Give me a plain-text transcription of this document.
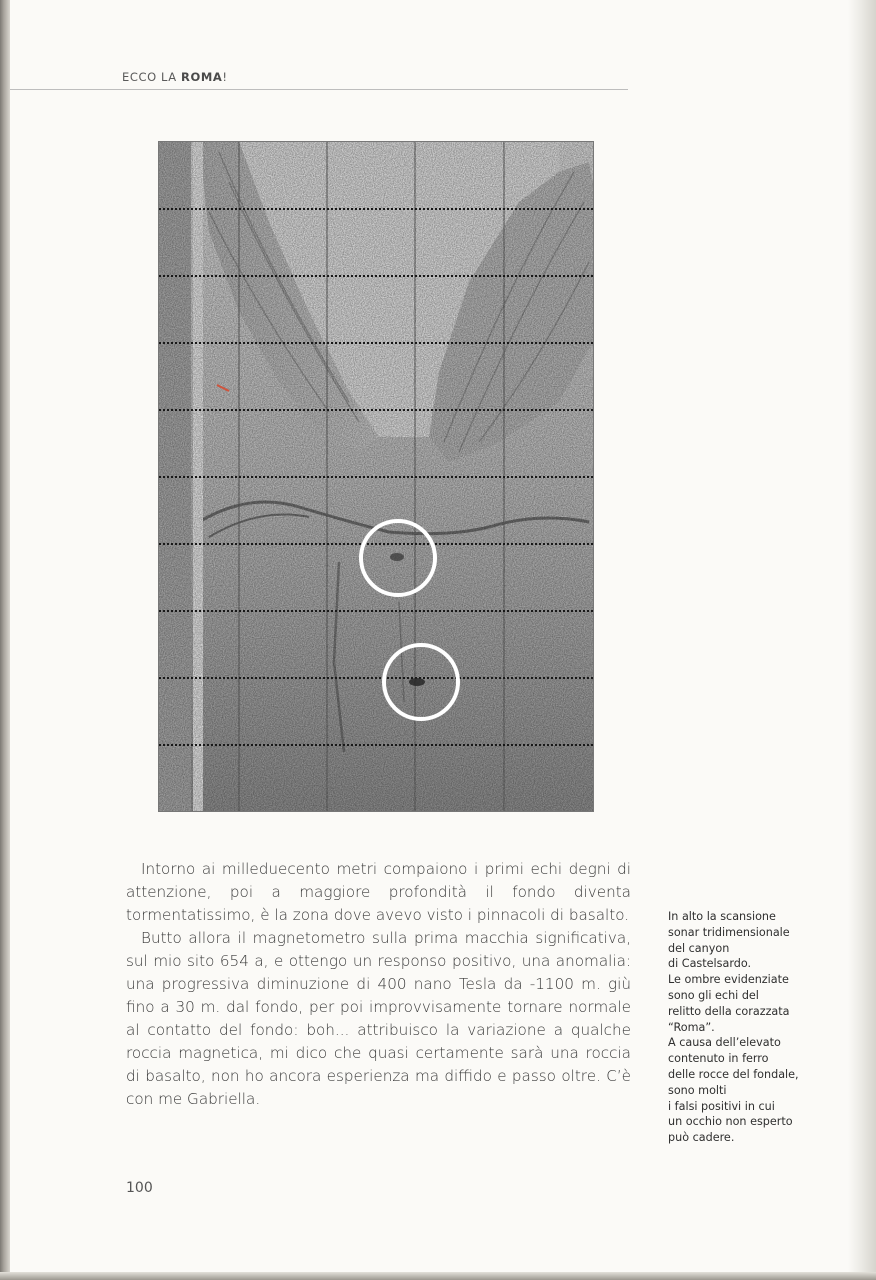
ECCO LA ROMA!

Intorno ai milleduecento metri compaiono i primi echi degni di attenzione, poi a maggiore profondità il fondo diventa tormentatissimo, è la zona dove avevo visto i pinnacoli di basalto.

Butto allora il magnetometro sulla prima macchia significativa, sul mio sito 654 a, e ottengo un responso positivo, una anomalia: una progressiva diminuzione di 400 nano Tesla da -1100 m. giù fino a 30 m. dal fondo, per poi improvvisamente tornare normale al contatto del fondo: boh... attribuisco la variazione a qualche roccia magnetica, mi dico che quasi certamente sarà una roccia di basalto, non ho ancora esperienza ma diffido e passo oltre. C’è con me Gabriella.

In alto la scansione
sonar tridimensionale
del canyon
di Castelsardo.
Le ombre evidenziate
sono gli echi del
relitto della corazzata
“Roma”.
A causa dell’elevato
contenuto in ferro
delle rocce del fondale,
sono molti
i falsi positivi in cui
un occhio non esperto
può cadere.
100
